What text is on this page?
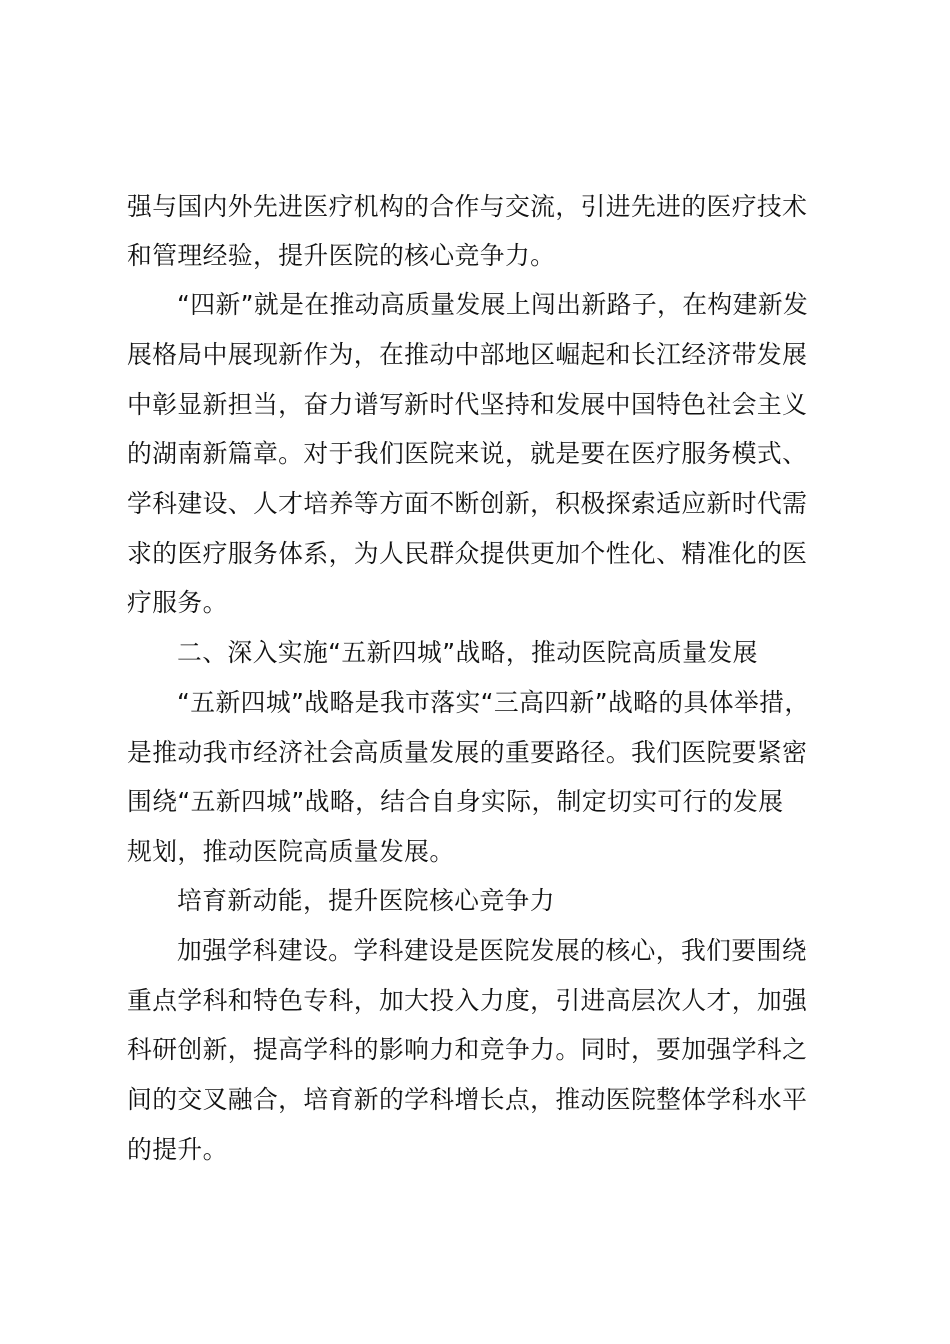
强与国内外先进医疗机构的合作与交流，引进先进的医疗技术
和管理经验，提升医院的核心竞争力。
“四新”就是在推动高质量发展上闯出新路子，在构建新发
展格局中展现新作为，在推动中部地区崛起和长江经济带发展
中彰显新担当，奋力谱写新时代坚持和发展中国特色社会主义
的湖南新篇章。对于我们医院来说，就是要在医疗服务模式、
学科建设、人才培养等方面不断创新，积极探索适应新时代需
求的医疗服务体系，为人民群众提供更加个性化、精准化的医
疗服务。
二、深入实施“五新四城”战略，推动医院高质量发展
“五新四城”战略是我市落实“三高四新”战略的具体举措，
是推动我市经济社会高质量发展的重要路径。我们医院要紧密
围绕“五新四城”战略，结合自身实际，制定切实可行的发展
规划，推动医院高质量发展。
培育新动能，提升医院核心竞争力
加强学科建设。学科建设是医院发展的核心，我们要围绕
重点学科和特色专科，加大投入力度，引进高层次人才，加强
科研创新，提高学科的影响力和竞争力。同时，要加强学科之
间的交叉融合，培育新的学科增长点，推动医院整体学科水平
的提升。
